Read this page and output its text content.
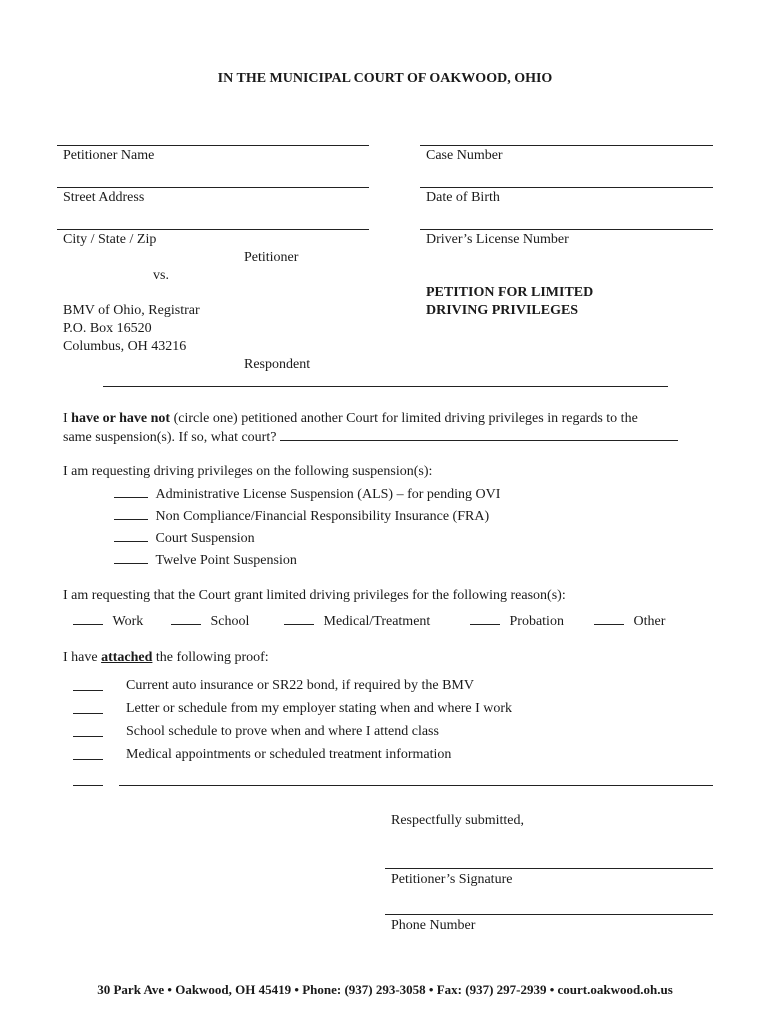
IN THE MUNICIPAL COURT OF OAKWOOD, OHIO
Petitioner Name
Street Address
City / State / Zip
Case Number
Date of Birth
Driver’s License Number
Petitioner
vs.
BMV of Ohio, Registrar
P.O. Box 16520
Columbus, OH 43216
Respondent
PETITION FOR LIMITED
DRIVING PRIVILEGES
I have or have not (circle one) petitioned another Court for limited driving privileges in regards to the
same suspension(s). If so, what court?
I am requesting driving privileges on the following suspension(s):
Administrative License Suspension (ALS) – for pending OVI
Non Compliance/Financial Responsibility Insurance (FRA)
Court Suspension
Twelve Point Suspension
I am requesting that the Court grant limited driving privileges for the following reason(s):
Work	School	Medical/Treatment	Probation	Other
I have attached the following proof:
Current auto insurance or SR22 bond, if required by the BMV
Letter or schedule from my employer stating when and where I work
School schedule to prove when and where I attend class
Medical appointments or scheduled treatment information
Respectfully submitted,
Petitioner’s Signature
Phone Number
30 Park Ave • Oakwood, OH 45419 • Phone: (937) 293-3058 • Fax: (937) 297-2939 • court.oakwood.oh.us
